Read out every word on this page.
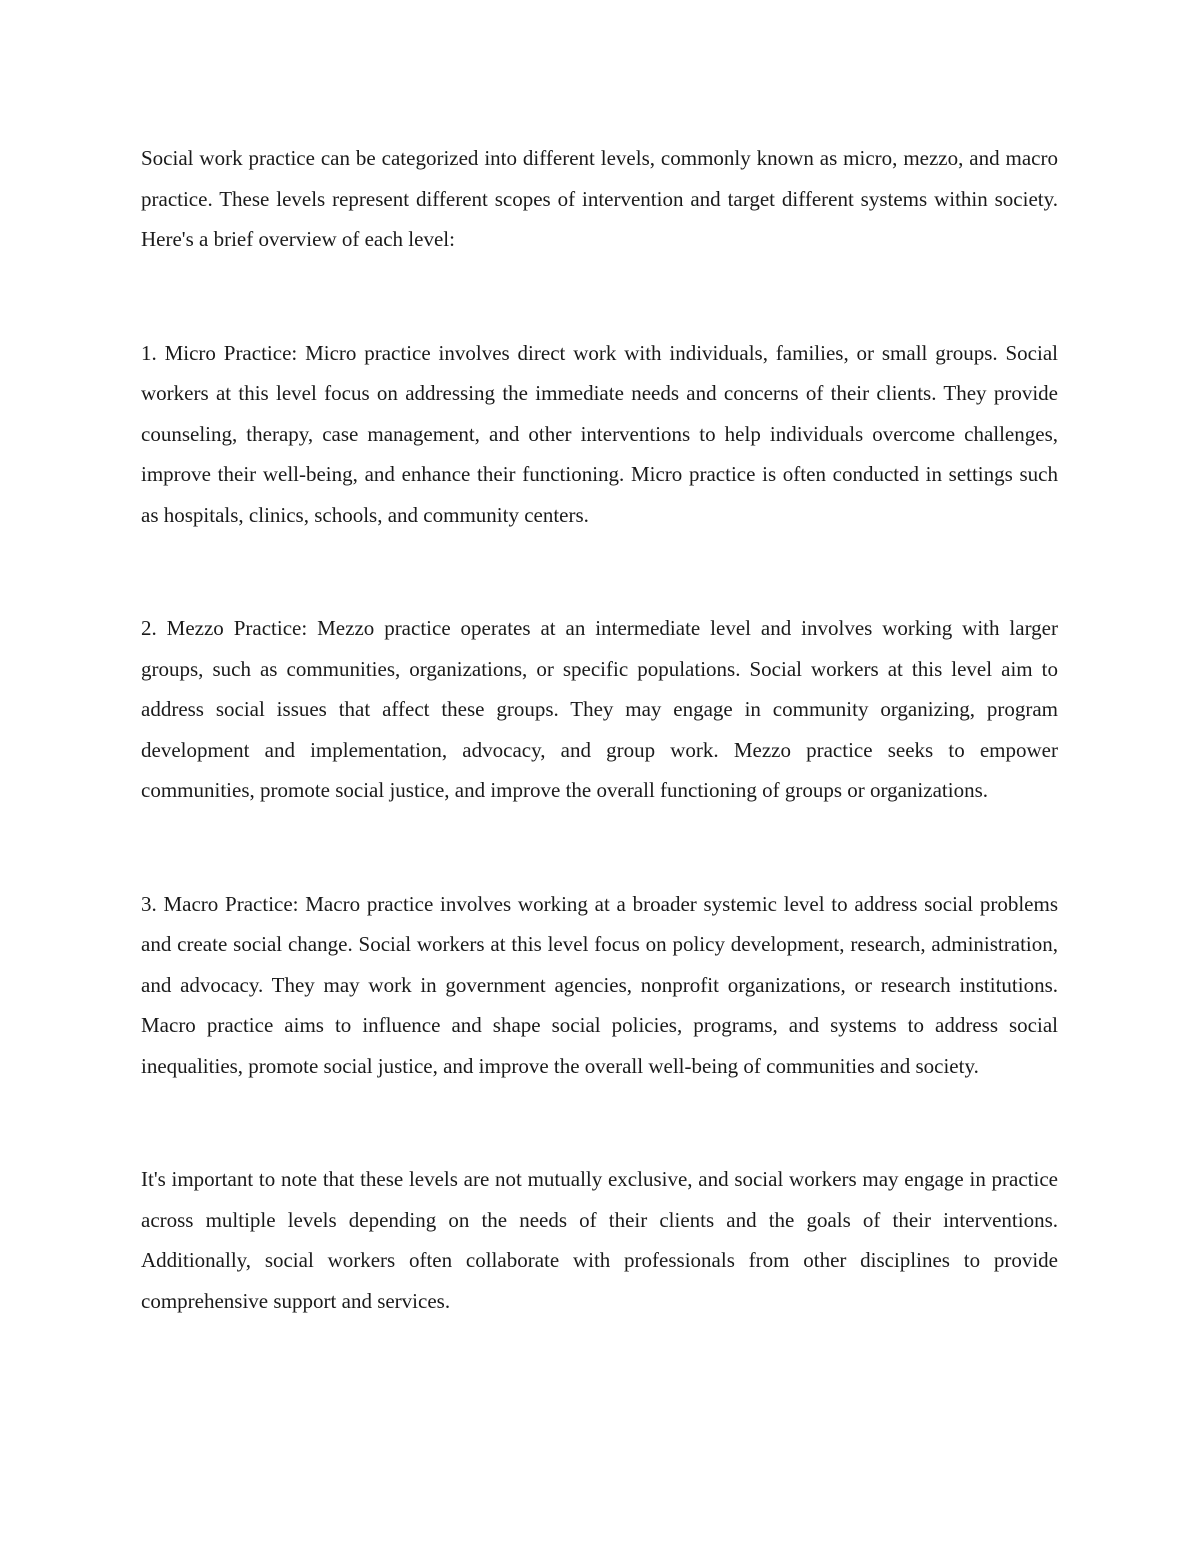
Social work practice can be categorized into different levels, commonly known as micro, mezzo, and macro practice. These levels represent different scopes of intervention and target different systems within society. Here's a brief overview of each level:

1. Micro Practice: Micro practice involves direct work with individuals, families, or small groups. Social workers at this level focus on addressing the immediate needs and concerns of their clients. They provide counseling, therapy, case management, and other interventions to help individuals overcome challenges, improve their well-being, and enhance their functioning. Micro practice is often conducted in settings such as hospitals, clinics, schools, and community centers.

2. Mezzo Practice: Mezzo practice operates at an intermediate level and involves working with larger groups, such as communities, organizations, or specific populations. Social workers at this level aim to address social issues that affect these groups. They may engage in community organizing, program development and implementation, advocacy, and group work. Mezzo practice seeks to empower communities, promote social justice, and improve the overall functioning of groups or organizations.

3. Macro Practice: Macro practice involves working at a broader systemic level to address social problems and create social change. Social workers at this level focus on policy development, research, administration, and advocacy. They may work in government agencies, nonprofit organizations, or research institutions. Macro practice aims to influence and shape social policies, programs, and systems to address social inequalities, promote social justice, and improve the overall well-being of communities and society.

It's important to note that these levels are not mutually exclusive, and social workers may engage in practice across multiple levels depending on the needs of their clients and the goals of their interventions. Additionally, social workers often collaborate with professionals from other disciplines to provide comprehensive support and services.
